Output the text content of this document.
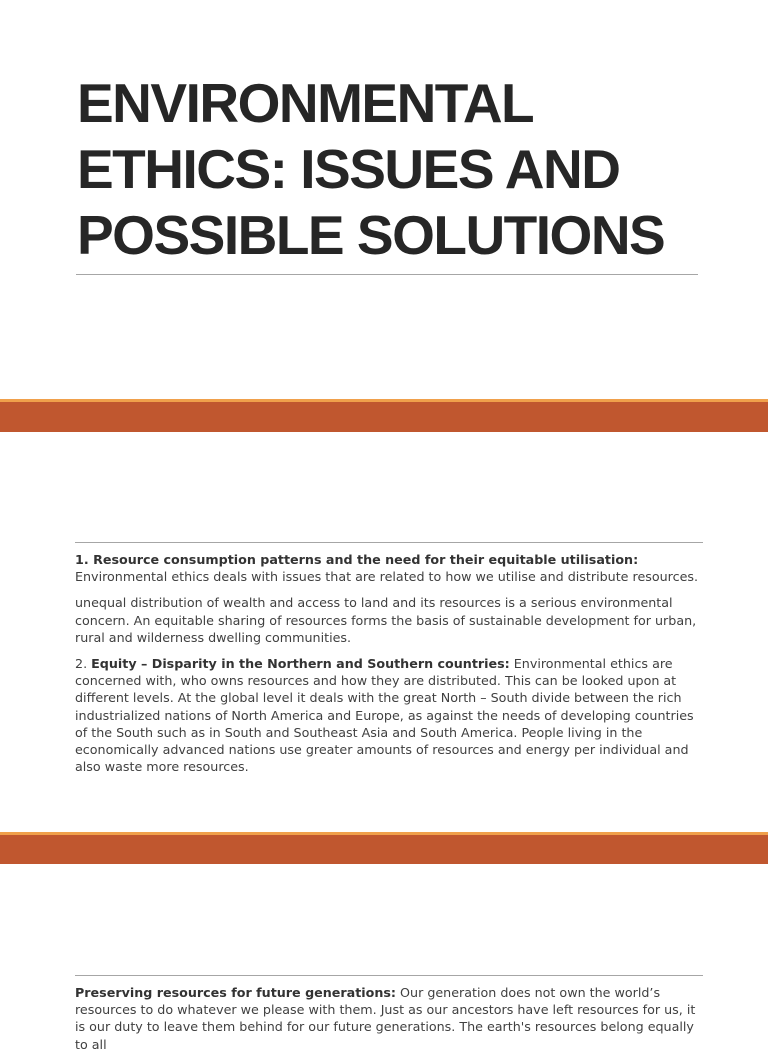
ENVIRONMENTAL
ETHICS: ISSUES AND
POSSIBLE SOLUTIONS

1. Resource consumption patterns and the need for their equitable utilisation: Environmental ethics deals with issues that are related to how we utilise and distribute resources.

unequal distribution of wealth and access to land and its resources is a serious environmental concern. An equitable sharing of resources forms the basis of sustainable development for urban, rural and wilderness dwelling communities.

2. Equity – Disparity in the Northern and Southern countries: Environmental ethics are concerned with, who owns resources and how they are distributed. This can be looked upon at different levels. At the global level it deals with the great North – South divide between the rich industrialized nations of North America and Europe, as against the needs of developing countries of the South such as in South and Southeast Asia and South America. People living in the economically advanced nations use greater amounts of resources and energy per individual and also waste more resources.

Preserving resources for future generations: Our generation does not own the world’s resources to do whatever we please with them. Just as our ancestors have left resources for us, it is our duty to leave them behind for our future generations. The earth's resources belong equally to all
